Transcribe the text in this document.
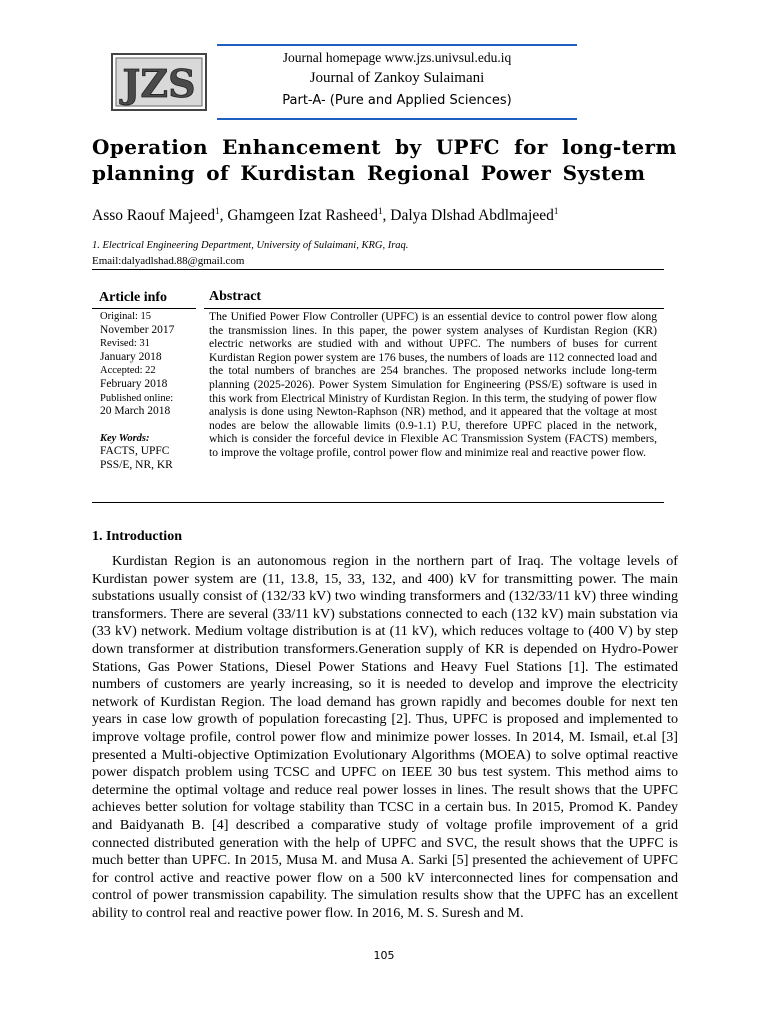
JZS
Journal homepage www.jzs.univsul.edu.iq
Journal of Zankoy Sulaimani
Part-A- (Pure and Applied Sciences)
Operation Enhancement by UPFC for long-term planning of Kurdistan Regional Power System
Asso Raouf Majeed$^1$, Ghamgeen Izat Rasheed$^1$, Dalya Dlshad Abdlmajeed$^1$
1. Electrical Engineering Department, University of Sulaimani, KRG, Iraq.
Email:dalyadlshad.88@gmail.com
Article info	Abstract
Original: 15
November 2017
Revised: 31
January 2018
Accepted: 22
February 2018
Published online:
20 March 2018
Key Words:
FACTS, UPFC
PSS/E, NR, KR
The Unified Power Flow Controller (UPFC) is an essential device to control power flow along the transmission lines. In this paper, the power system analyses of Kurdistan Region (KR) electric networks are studied with and without UPFC. The numbers of buses for current Kurdistan Region power system are 176 buses, the numbers of loads are 112 connected load and the total numbers of branches are 254 branches. The proposed networks include long-term planning (2025-2026). Power System Simulation for Engineering (PSS/E) software is used in this work from Electrical Ministry of Kurdistan Region. In this term, the studying of power flow analysis is done using Newton-Raphson (NR) method, and it appeared that the voltage at most nodes are below the allowable limits (0.9-1.1) P.U, therefore UPFC placed in the network, which is consider the forceful device in Flexible AC Transmission System (FACTS) members, to improve the voltage profile, control power flow and minimize real and reactive power flow.
1. Introduction
Kurdistan Region is an autonomous region in the northern part of Iraq. The voltage levels of Kurdistan power system are (11, 13.8, 15, 33, 132, and 400) kV for transmitting power. The main substations usually consist of (132/33 kV) two winding transformers and (132/33/11 kV) three winding transformers. There are several (33/11 kV) substations connected to each (132 kV) main substation via (33 kV) network. Medium voltage distribution is at (11 kV), which reduces voltage to (400 V) by step down transformer at distribution transformers.Generation supply of KR is depended on Hydro-Power Stations, Gas Power Stations, Diesel Power Stations and Heavy Fuel Stations [1]. The estimated numbers of customers are yearly increasing, so it is needed to develop and improve the electricity network of Kurdistan Region. The load demand has grown rapidly and becomes double for next ten years in case low growth of population forecasting [2]. Thus, UPFC is proposed and implemented to improve voltage profile, control power flow and minimize power losses. In 2014, M. Ismail, et.al [3] presented a Multi-objective Optimization Evolutionary Algorithms (MOEA) to solve optimal reactive power dispatch problem using TCSC and UPFC on IEEE 30 bus test system. This method aims to determine the optimal voltage and reduce real power losses in lines. The result shows that the UPFC achieves better solution for voltage stability than TCSC in a certain bus. In 2015, Promod K. Pandey and Baidyanath B. [4] described a comparative study of voltage profile improvement of a grid connected distributed generation with the help of UPFC and SVC, the result shows that the UPFC is much better than UPFC. In 2015, Musa M. and Musa A. Sarki [5] presented the achievement of UPFC for control active and reactive power flow on a 500 kV interconnected lines for compensation and control of power transmission capability. The simulation results show that the UPFC has an excellent ability to control real and reactive power flow. In 2016, M. S. Suresh and M.
105
